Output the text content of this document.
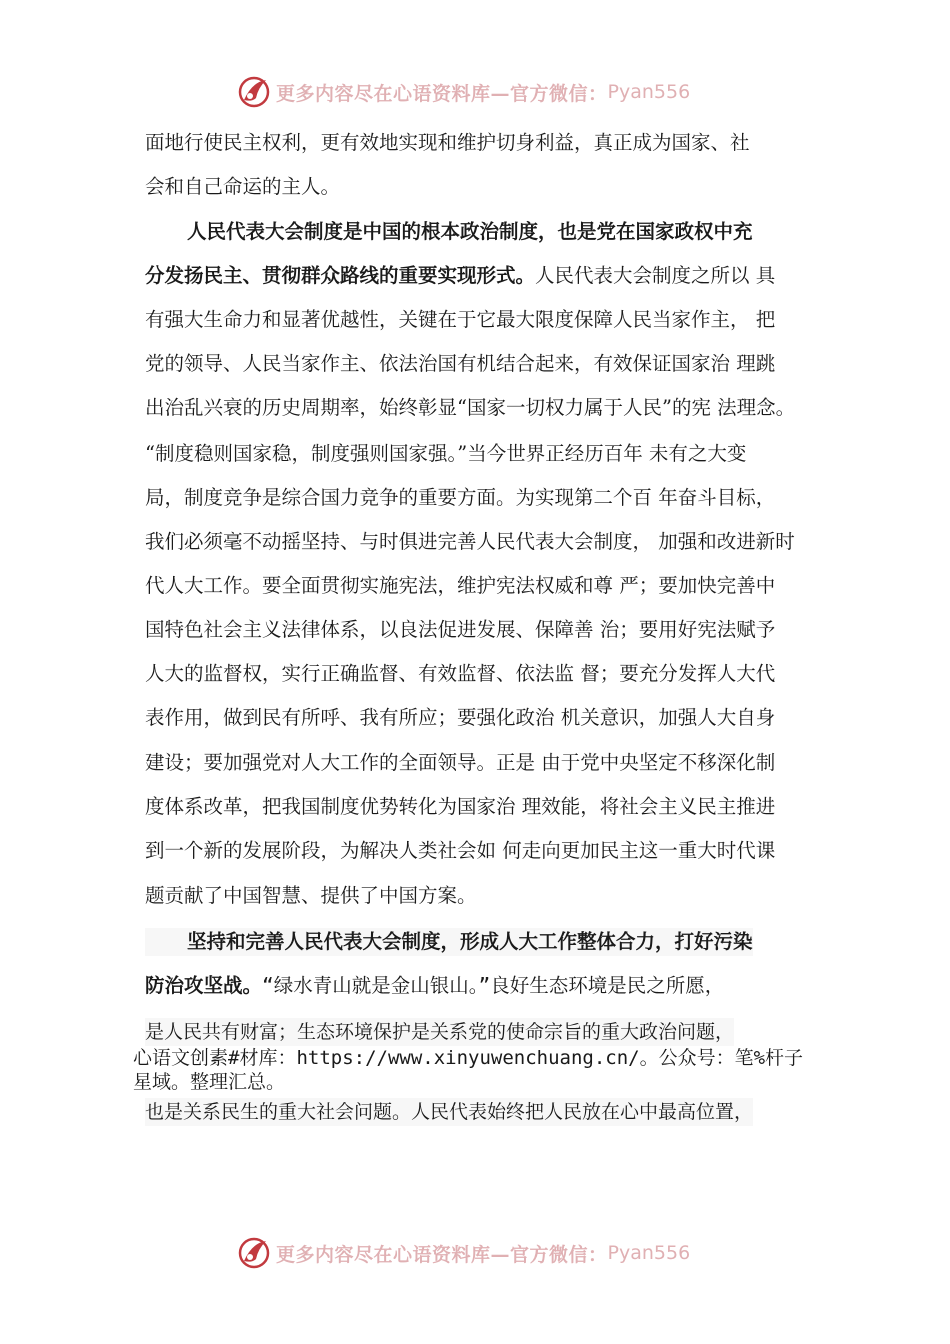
更多内容尽在心语资料库—官方微信： Pyan556
面地行使民主权利，更有效地实现和维护切身利益，真正成为国家、社
会和自己命运的主人。
人民代表大会制度是中国的根本政治制度，也是党在国家政权中充
分发扬民主、贯彻群众路线的重要实现形式。人民代表大会制度之所以 具
有强大生命力和显著优越性，关键在于它最大限度保障人民当家作主， 把
党的领导、人民当家作主、依法治国有机结合起来，有效保证国家治 理跳
出治乱兴衰的历史周期率，始终彰显“国家一切权力属于人民”的宪 法理念。
“制度稳则国家稳，制度强则国家强。”当今世界正经历百年 未有之大变
局，制度竞争是综合国力竞争的重要方面。为实现第二个百 年奋斗目标，
我们必须毫不动摇坚持、与时俱进完善人民代表大会制度， 加强和改进新时
代人大工作。要全面贯彻实施宪法，维护宪法权威和尊 严；要加快完善中
国特色社会主义法律体系，以良法促进发展、保障善 治；要用好宪法赋予
人大的监督权，实行正确监督、有效监督、依法监 督；要充分发挥人大代
表作用，做到民有所呼、我有所应；要强化政治 机关意识，加强人大自身
建设；要加强党对人大工作的全面领导。正是 由于党中央坚定不移深化制
度体系改革，把我国制度优势转化为国家治 理效能，将社会主义民主推进
到一个新的发展阶段，为解决人类社会如 何走向更加民主这一重大时代课
题贡献了中国智慧、提供了中国方案。
坚持和完善人民代表大会制度，形成人大工作整体合力，打好污染
防治攻坚战。“绿水青山就是金山银山。”良好生态环境是民之所愿，
是人民共有财富；生态环境保护是关系党的使命宗旨的重大政治问题，
心语文创素#材库：https://www.xinyuwenchuang.cn/。公众号：笔%杆子
星域。整理汇总。
也是关系民生的重大社会问题。人民代表始终把人民放在心中最高位置，
更多内容尽在心语资料库—官方微信： Pyan556
